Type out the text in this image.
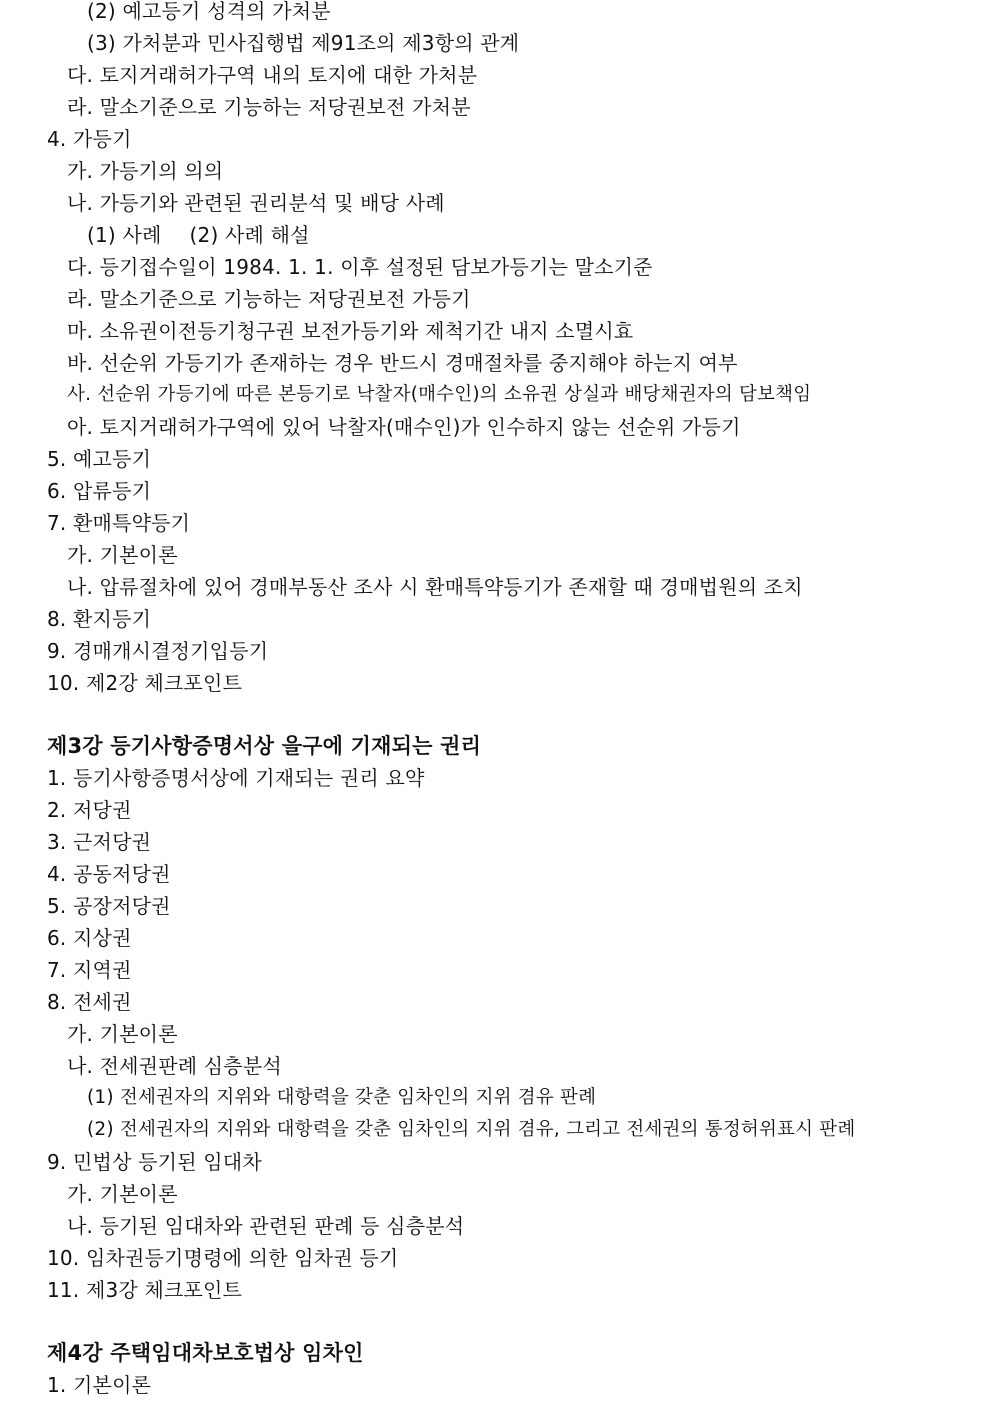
(2) 예고등기 성격의 가처분
(3) 가처분과 민사집행법 제91조의 제3항의 관계
다. 토지거래허가구역 내의 토지에 대한 가처분
라. 말소기준으로 기능하는 저당권보전 가처분
4. 가등기
가. 가등기의 의의
나. 가등기와 관련된 권리분석 및 배당 사례
(1) 사례 (2) 사례 해설
다. 등기접수일이 1984. 1. 1. 이후 설정된 담보가등기는 말소기준
라. 말소기준으로 기능하는 저당권보전 가등기
마. 소유권이전등기청구권 보전가등기와 제척기간 내지 소멸시효
바. 선순위 가등기가 존재하는 경우 반드시 경매절차를 중지해야 하는지 여부
사. 선순위 가등기에 따른 본등기로 낙찰자(매수인)의 소유권 상실과 배당채권자의 담보책임
아. 토지거래허가구역에 있어 낙찰자(매수인)가 인수하지 않는 선순위 가등기
5. 예고등기
6. 압류등기
7. 환매특약등기
가. 기본이론
나. 압류절차에 있어 경매부동산 조사 시 환매특약등기가 존재할 때 경매법원의 조치
8. 환지등기
9. 경매개시결정기입등기
10. 제2강 체크포인트
제3강 등기사항증명서상 을구에 기재되는 권리
1. 등기사항증명서상에 기재되는 권리 요약
2. 저당권
3. 근저당권
4. 공동저당권
5. 공장저당권
6. 지상권
7. 지역권
8. 전세권
가. 기본이론
나. 전세권판례 심층분석
(1) 전세권자의 지위와 대항력을 갖춘 임차인의 지위 겸유 판례
(2) 전세권자의 지위와 대항력을 갖춘 임차인의 지위 겸유, 그리고 전세권의 통정허위표시 판례
9. 민법상 등기된 임대차
가. 기본이론
나. 등기된 임대차와 관련된 판례 등 심층분석
10. 임차권등기명령에 의한 임차권 등기
11. 제3강 체크포인트
제4강 주택임대차보호법상 임차인
1. 기본이론
